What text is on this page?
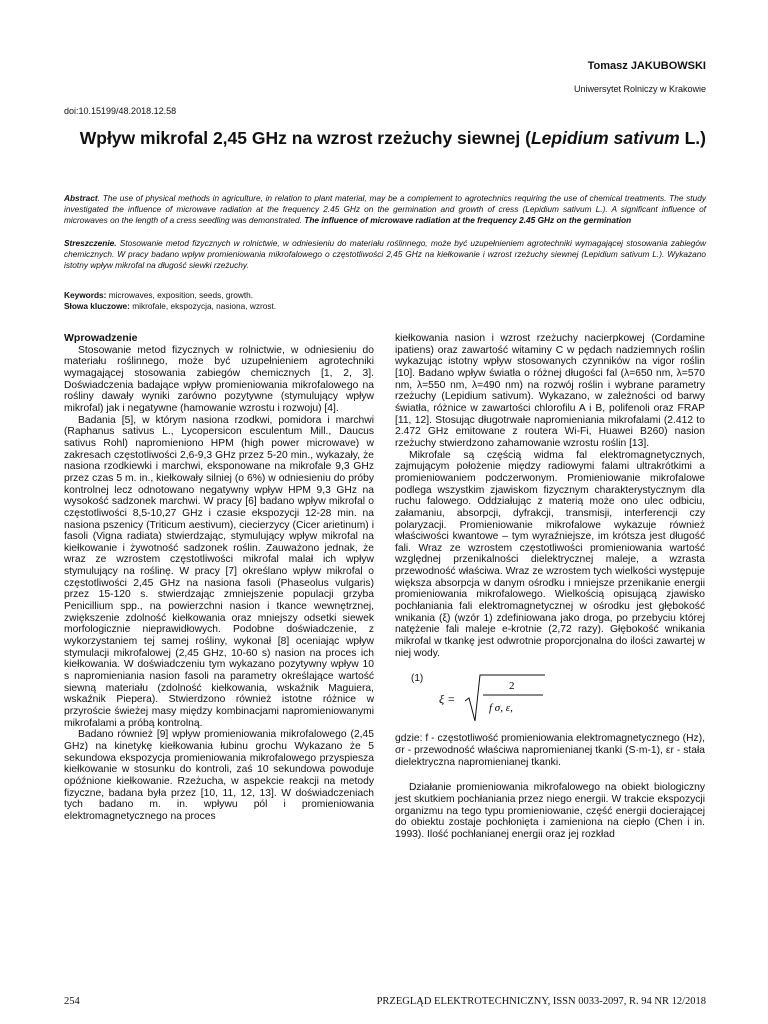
Tomasz JAKUBOWSKI
Uniwersytet Rolniczy w Krakowie
doi:10.15199/48.2018.12.58
Wpływ mikrofal 2,45 GHz na wzrost rzeżuchy siewnej (Lepidium sativum L.)
Abstract. The use of physical methods in agriculture, in relation to plant material, may be a complement to agrotechnics requiring the use of chemical treatments. The study investigated the influence of microwave radiation at the frequency 2.45 GHz on the germination and growth of cress (Lepidium sativum L.). A significant influence of microwaves on the length of a cress seedling was demonstrated. The influence of microwave radiation at the frequency 2.45 GHz on the germination
Streszczenie. Stosowanie metod fizycznych w rolnictwie, w odniesieniu do materiału roślinnego, może być uzupełnieniem agrotechniki wymagającej stosowania zabiegów chemicznych. W pracy badano wpływ promieniowania mikrofalowego o częstotliwości 2,45 GHz na kiełkowanie i wzrost rzeżuchy siewnej (Lepidium sativum L.). Wykazano istotny wpływ mikrofal na długość siewki rzeżuchy.
Keywords: microwaves, exposition, seeds, growth.
Słowa kluczowe: mikrofale, ekspozycja, nasiona, wzrost.
Wprowadzenie

Stosowanie metod fizycznych w rolnictwie, w odniesieniu do materiału roślinnego, może być uzupełnieniem agrotechniki wymagającej stosowania zabiegów chemicznych [1, 2, 3]. Doświadczenia badające wpływ promieniowania mikrofalowego na rośliny dawały wyniki zarówno pozytywne (stymulujący wpływ mikrofal) jak i negatywne (hamowanie wzrostu i rozwoju) [4].

Badania [5], w którym nasiona rzodkwi, pomidora i marchwi (Raphanus sativus L., Lycopersicon esculentum Mill., Daucus sativus Rohl) napromieniono HPM (high power microwave) w zakresach częstotliwości 2,6-9,3 GHz przez 5-20 min., wykazały, że nasiona rzodkiewki i marchwi, eksponowane na mikrofale 9,3 GHz przez czas 5 m. in., kiełkowały silniej (o 6%) w odniesieniu do próby kontrolnej lecz odnotowano negatywny wpływ HPM 9,3 GHz na wysokość sadzonek marchwi. W pracy [6] badano wpływ mikrofal o częstotliwości 8,5-10,27 GHz i czasie ekspozycji 12-28 min. na nasiona pszenicy (Triticum aestivum), ciecierzycy (Cicer arietinum) i fasoli (Vigna radiata) stwierdzając, stymulujący wpływ mikrofal na kiełkowanie i żywotność sadzonek roślin. Zauważono jednak, że wraz ze wzrostem częstotliwości mikrofal malał ich wpływ stymulujący na roślinę. W pracy [7] określano wpływ mikrofal o częstotliwości 2,45 GHz na nasiona fasoli (Phaseolus vulgaris) przez 15-120 s. stwierdzając zmniejszenie populacji grzyba Penicillium spp., na powierzchni nasion i tkance wewnętrznej, zwiększenie zdolność kiełkowania oraz mniejszy odsetki siewek morfologicznie nieprawidłowych. Podobne doświadczenie, z wykorzystaniem tej samej rośliny, wykonał [8] oceniając wpływ stymulacji mikrofalowej (2,45 GHz, 10-60 s) nasion na proces ich kiełkowania. W doświadczeniu tym wykazano pozytywny wpływ 10 s napromieniania nasion fasoli na parametry określające wartość siewną materiału (zdolność kiełkowania, wskaźnik Maguiera, wskaźnik Piepera). Stwierdzono również istotne różnice w przyrościе świeżej masy między kombinacjami napromieniowanymi mikrofalami a próbą kontrolną.

Badano również [9] wpływ promieniowania mikrofalowego (2,45 GHz) na kinetykę kiełkowania łubinu grochu Wykazano że 5 sekundowa ekspozycja promieniowania mikrofalowego przyspiesza kiełkowanie w stosunku do kontroli, zaś 10 sekundowa powoduje opóźnione kiełkowanie. Rzeżucha, w aspekcie reakcji na metody fizyczne, badana była przez [10, 11, 12, 13]. W doświadczeniach tych badano m. in. wpływu pól i promieniowania elektromagnetycznego na proces

kiełkowania nasion i wzrost rzeżuchy nacierpkowej (Cordamine ipatiens) oraz zawartość witaminy C w pędach nadziemnych roślin wykazując istotny wpływ stosowanych czynników na vigor roślin [10]. Badano wpływ światła o różnej długości fal (λ=650 nm, λ=570 nm, λ=550 nm, λ=490 nm) na rozwój roślin i wybrane parametry rzeżuchy (Lepidium sativum). Wykazano, w zależności od barwy światła, różnice w zawartości chlorofilu A i B, polifenoli oraz FRAP [11, 12]. Stosując długotrwałe napromieniania mikrofalami (2.412 to 2.472 GHz emitowane z routera Wi-Fi, Huawei B260) nasion rzeżuchy stwierdzono zahamowanie wzrostu roślin [13].

Mikrofale są częścią widma fal elektromagnetycznych, zajmującym położenie między radiowymi falami ultrakrótkimi a promieniowaniem podczerwonym. Promieniowanie mikrofalowe podlega wszystkim zjawiskom fizycznym charakterystycznym dla ruchu falowego. Oddziałując z materią może ono ulec odbiciu, załamaniu, absorpcji, dyfrakcji, transmisji, interferencji czy polaryzacji. Promieniowanie mikrofalowe wykazuje również właściwości kwantowe – tym wyraźniejsze, im krótsza jest długość fali. Wraz ze wzrostem częstotliwości promieniowania wartość względnej przenikalności dielektrycznej maleje, a wzrasta przewodność właściwa. Wraz ze wzrostem tych wielkości występuje większa absorpcja w danym ośrodku i mniejsze przenikanie energii promieniowania mikrofalowego. Wielkością opisującą zjawisko pochłaniania fali elektromagnetycznej w ośrodku jest głębokość wnikania (ξ) (wzór 1) zdefiniowana jako droga, po przebyciu której natężenie fali maleje e-krotnie (2,72 razy). Głębokość wnikania mikrofal w tkankę jest odwrotnie proporcjonalna do ilości zawartej w niej wody.

(1)
ξ =
2
f σ, ε,

gdzie: f - częstotliwość promieniowania elektromagnetycznego (Hz), σr - przewodność właściwa napromienianej tkanki (S·m-1), εr - stała dielektryczna napromienianej tkanki.

Działanie promieniowania mikrofalowego na obiekt biologiczny jest skutkiem pochłaniania przez niego energii. W trakcie ekspozycji organizmu na tego typu promieniowanie, część energii docierającej do obiektu zostaje pochłonięta i zamieniona na ciepło (Chen i in. 1993). Ilość pochłanianej energii oraz jej rozkład

254	PRZEGLĄD ELEKTROTECHNICZNY, ISSN 0033-2097, R. 94 NR 12/2018
